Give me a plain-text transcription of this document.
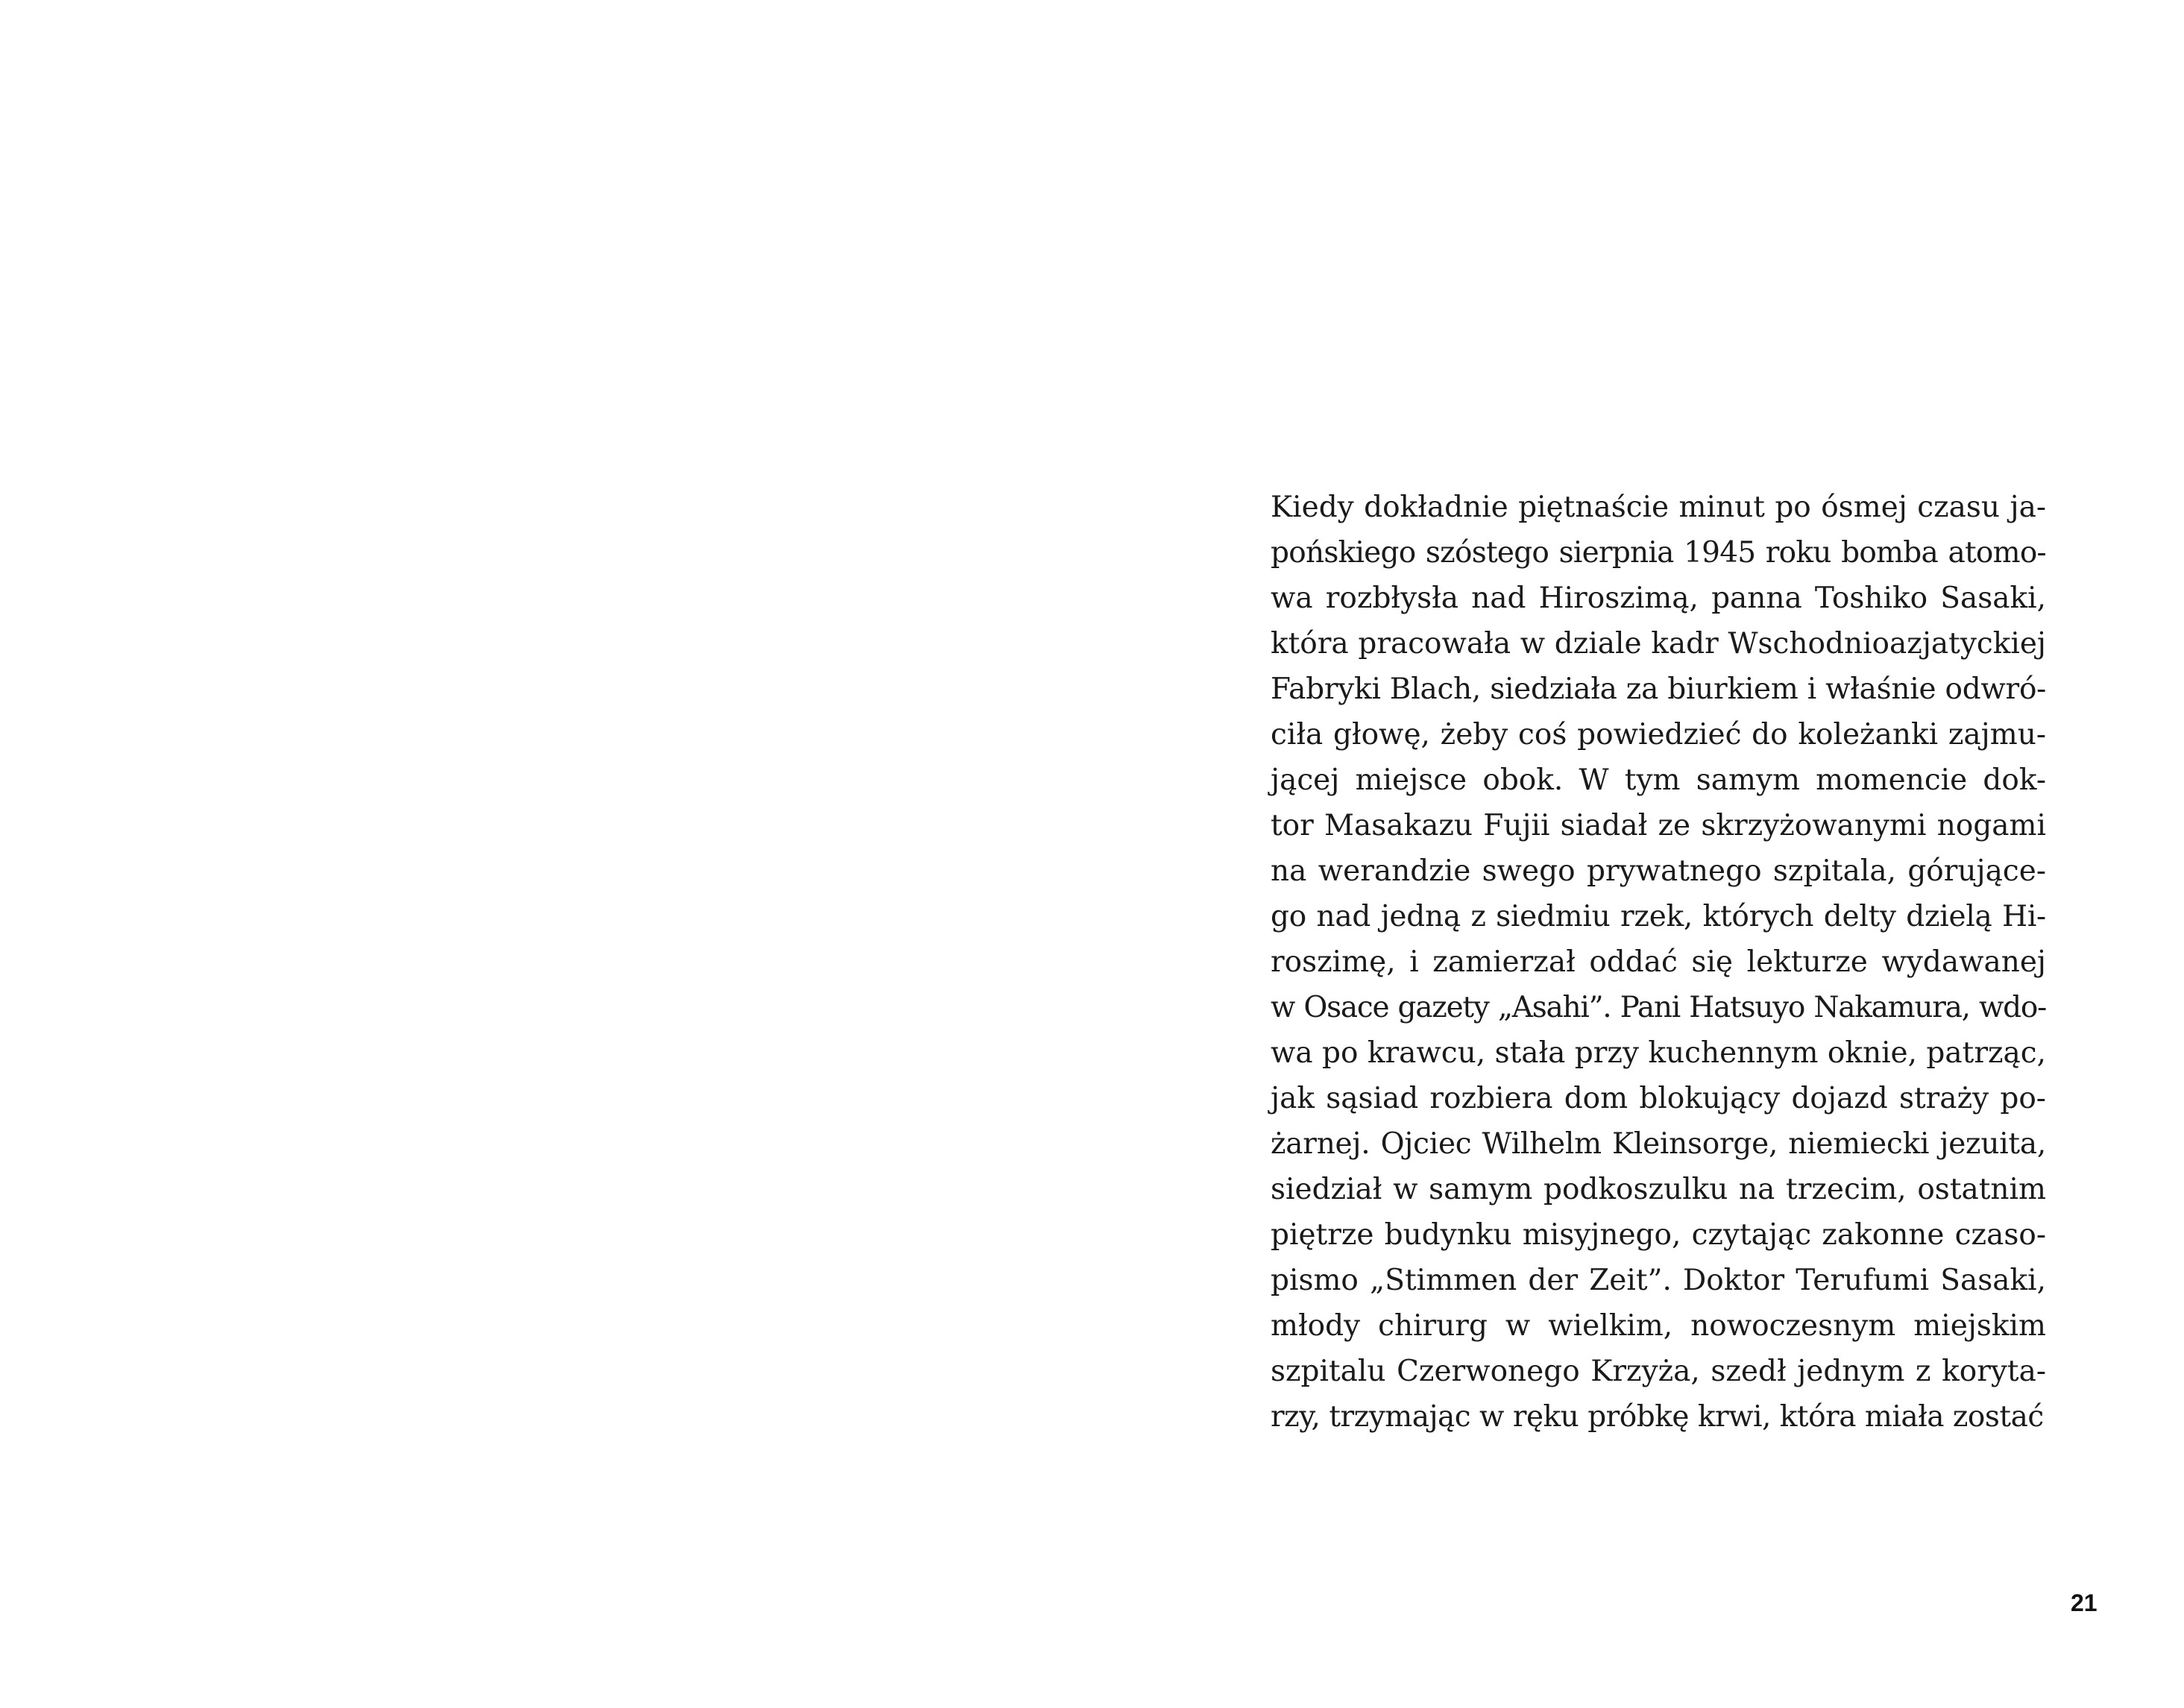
Kiedy dokładnie piętnaście minut po ósmej czasu ja-
pońskiego szóstego sierpnia 1945 roku bomba atomo-
wa rozbłysła nad Hiroszimą, panna Toshiko Sasaki,
która pracowała w dziale kadr Wschodnioazjatyckiej
Fabryki Blach, siedziała za biurkiem i właśnie odwró-
ciła głowę, żeby coś powiedzieć do koleżanki zajmu-
jącej miejsce obok. W tym samym momencie dok-
tor Masakazu Fujii siadał ze skrzyżowanymi nogami
na werandzie swego prywatnego szpitala, górujące-
go nad jedną z siedmiu rzek, których delty dzielą Hi-
roszimę, i zamierzał oddać się lekturze wydawanej
w Osace gazety „Asahi”. Pani Hatsuyo Nakamura, wdo-
wa po krawcu, stała przy kuchennym oknie, patrząc,
jak sąsiad rozbiera dom blokujący dojazd straży po-
żarnej. Ojciec Wilhelm Kleinsorge, niemiecki jezuita,
siedział w samym podkoszulku na trzecim, ostatnim
piętrze budynku misyjnego, czytając zakonne czaso-
pismo „Stimmen der Zeit”. Doktor Terufumi Sasaki,
młody chirurg w wielkim, nowoczesnym miejskim
szpitalu Czerwonego Krzyża, szedł jednym z koryta-
rzy, trzymając w ręku próbkę krwi, która miała zostać
21
